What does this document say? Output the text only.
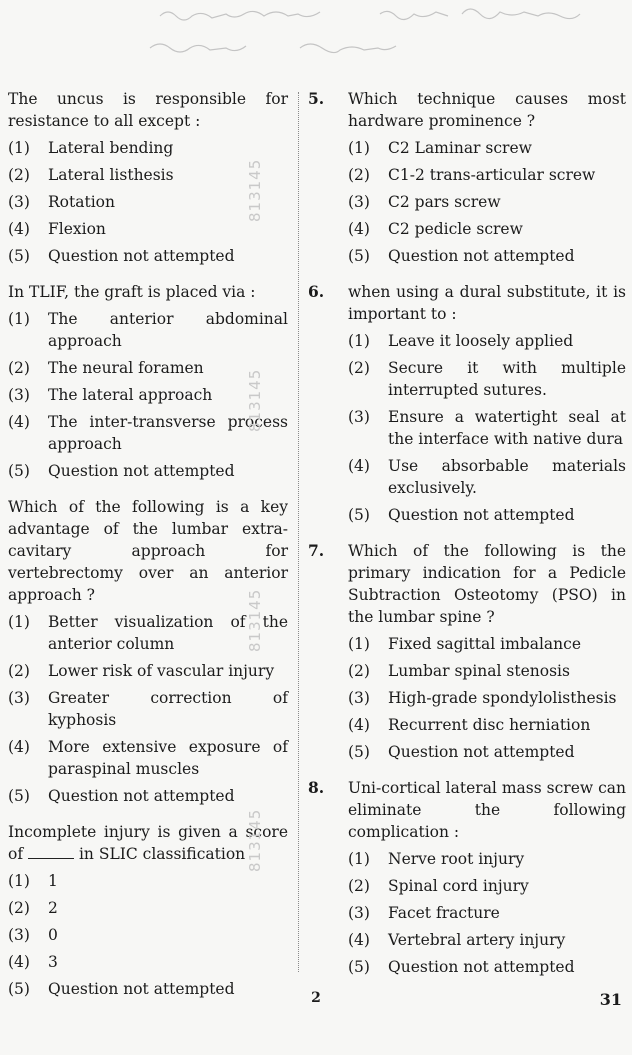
The uncus is responsible for resistance to all except :

(1)	Lateral bending
(2)	Lateral listhesis
(3)	Rotation
(4)	Flexion
(5)	Question not attempted

In TLIF, the graft is placed via :

(1)	The anterior abdominal approach
(2)	The neural foramen
(3)	The lateral approach
(4)	The inter-transverse process approach
(5)	Question not attempted

Which of the following is a key advantage of the lumbar extra-cavitary approach for vertebrectomy over an anterior approach ?

(1)	Better visualization of the anterior column
(2)	Lower risk of vascular injury
(3)	Greater correction of kyphosis
(4)	More extensive exposure of paraspinal muscles
(5)	Question not attempted

Incomplete injury is given a score of	in SLIC classification

(1)	1
(2)	2
(3)	0
(4)	3
(5)	Question not attempted
5. Which technique causes most hardware prominence ?

(1)	C2 Laminar screw
(2)	C1-2 trans-articular screw
(3)	C2 pars screw
(4)	C2 pedicle screw
(5)	Question not attempted
6. when using a dural substitute, it is important to :

(1)	Leave it loosely applied
(2)	Secure it with multiple interrupted sutures.
(3)	Ensure a watertight seal at the interface with native dura
(4)	Use absorbable materials exclusively.
(5)	Question not attempted
7. Which of the following is the primary indication for a Pedicle Subtraction Osteotomy (PSO) in the lumbar spine ?

(1)	Fixed sagittal imbalance
(2)	Lumbar spinal stenosis
(3)	High-grade spondylolisthesis
(4)	Recurrent disc herniation
(5)	Question not attempted
8. Uni-cortical lateral mass screw can eliminate the following complication :

(1)	Nerve root injury
(2)	Spinal cord injury
(3)	Facet fracture
(4)	Vertebral artery injury
(5)	Question not attempted
813145
813145
813145
813145
2	31
